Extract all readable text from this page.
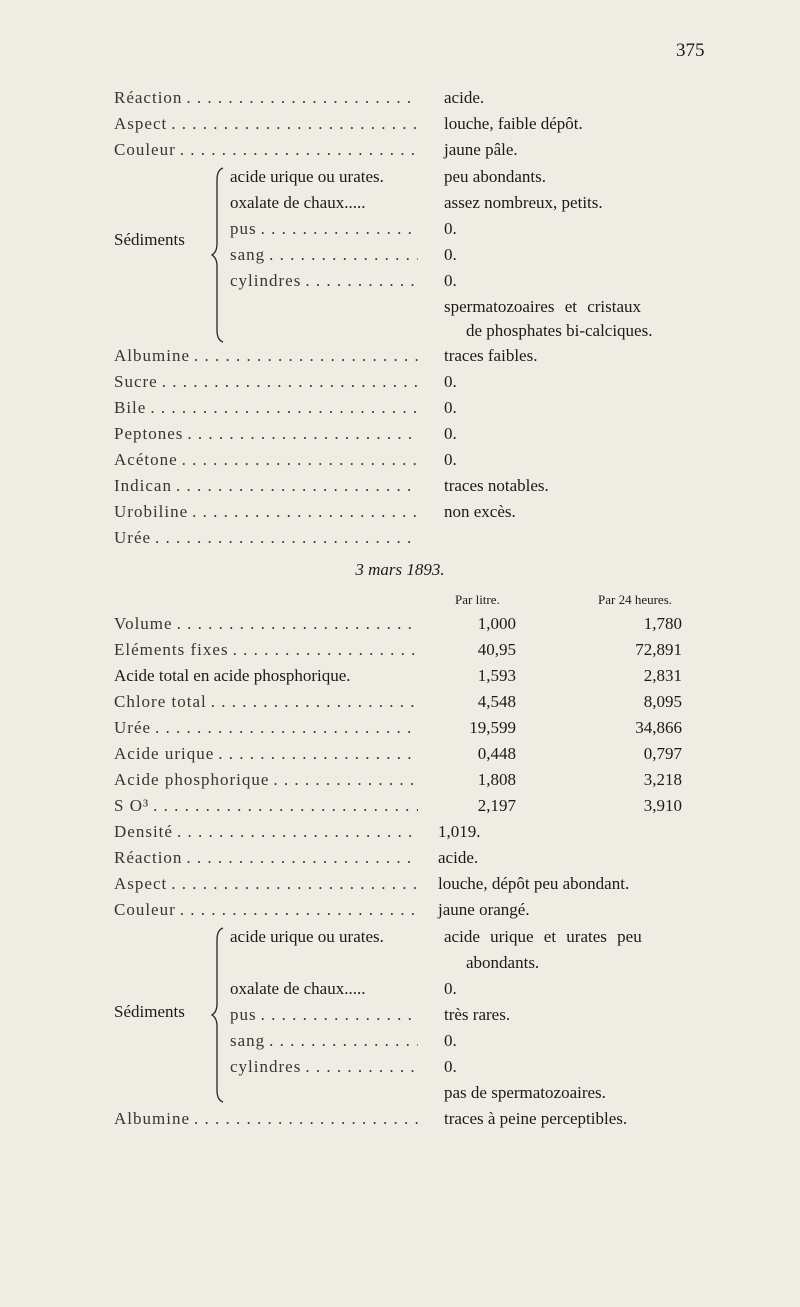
375
Réaction . . .	acide.
Aspect . . .	louche, faible dépôt.
Couleur . . .	jaune pâle.
Sédiments
acide urique ou urates.	peu abondants.
oxalate de chaux.....	assez nombreux, petits.
pus . . .	0.
sang . . .	0.
cylindres . . .	0.
spermatozoaires et cristaux
de phosphates bi-calciques.
Albumine . . .	traces faibles.
Sucre . . .	0.
Bile . . .	0.
Peptones . . .	0.
Acétone . . .	0.
Indican . . .	traces notables.
Urobiline . . .	non excès.
Urée. . .
3 mars 1893.
Par litre.	Par 24 heures.
Volume . . .	1,000	1,780
Eléments fixes . . .	40,95	72,891
Acide total en acide phosphorique.	1,593	2,831
Chlore total . . .	4,548	8,095
Urée . . .	19,599	34,866
Acide urique . . .	0,448	0,797
Acide phosphorique . . .	1,808	3,218
S O³ . . .	2,197	3,910
Densité . . .	1,019.
Réaction . . .	acide.
Aspect . . .	louche, dépôt peu abondant.
Couleur . . .	jaune orangé.
Sédiments
acide urique ou urates.	acide urique et urates peu
abondants.
oxalate de chaux.....	0.
pus . . .	très rares.
sang . . .	0.
cylindres . . .	0.
pas de spermatozoaires.
Albumine . . .	traces à peine perceptibles.
